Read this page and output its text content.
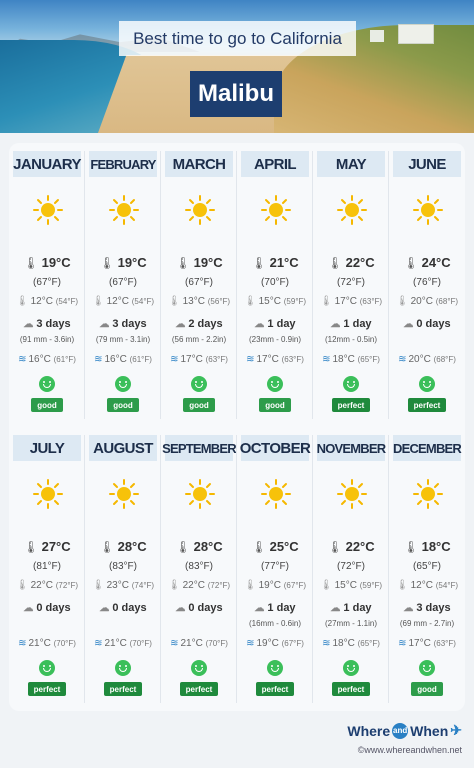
Best time to go to California
Malibu
JANUARY
🌡 19°C
(67°F)
🌡 12°C (54°F)
☁ 3 days
(91 mm - 3.6in)
≋ 16°C (61°F)
good
FEBRUARY
🌡 19°C
(67°F)
🌡 12°C (54°F)
☁ 3 days
(79 mm - 3.1in)
≋ 16°C (61°F)
good
MARCH
🌡 19°C
(67°F)
🌡 13°C (56°F)
☁ 2 days
(56 mm - 2.2in)
≋ 17°C (63°F)
good
APRIL
🌡 21°C
(70°F)
🌡 15°C (59°F)
☁ 1 day
(23mm - 0.9in)
≋ 17°C (63°F)
good
MAY
🌡 22°C
(72°F)
🌡 17°C (63°F)
☁ 1 day
(12mm - 0.5in)
≋ 18°C (65°F)
perfect
JUNE
🌡 24°C
(76°F)
🌡 20°C (68°F)
☁ 0 days
≋ 20°C (68°F)
perfect
JULY
🌡 27°C
(81°F)
🌡 22°C (72°F)
☁ 0 days
≋ 21°C (70°F)
perfect
AUGUST
🌡 28°C
(83°F)
🌡 23°C (74°F)
☁ 0 days
≋ 21°C (70°F)
perfect
SEPTEMBER
🌡 28°C
(83°F)
🌡 22°C (72°F)
☁ 0 days
≋ 21°C (70°F)
perfect
OCTOBER
🌡 25°C
(77°F)
🌡 19°C (67°F)
☁ 1 day
(16mm - 0.6in)
≋ 19°C (67°F)
perfect
NOVEMBER
🌡 22°C
(72°F)
🌡 15°C (59°F)
☁ 1 day
(27mm - 1.1in)
≋ 18°C (65°F)
perfect
DECEMBER
🌡 18°C
(65°F)
🌡 12°C (54°F)
☁ 3 days
(69 mm - 2.7in)
≋ 17°C (63°F)
good
Where and When ✈
©www.whereandwhen.net
